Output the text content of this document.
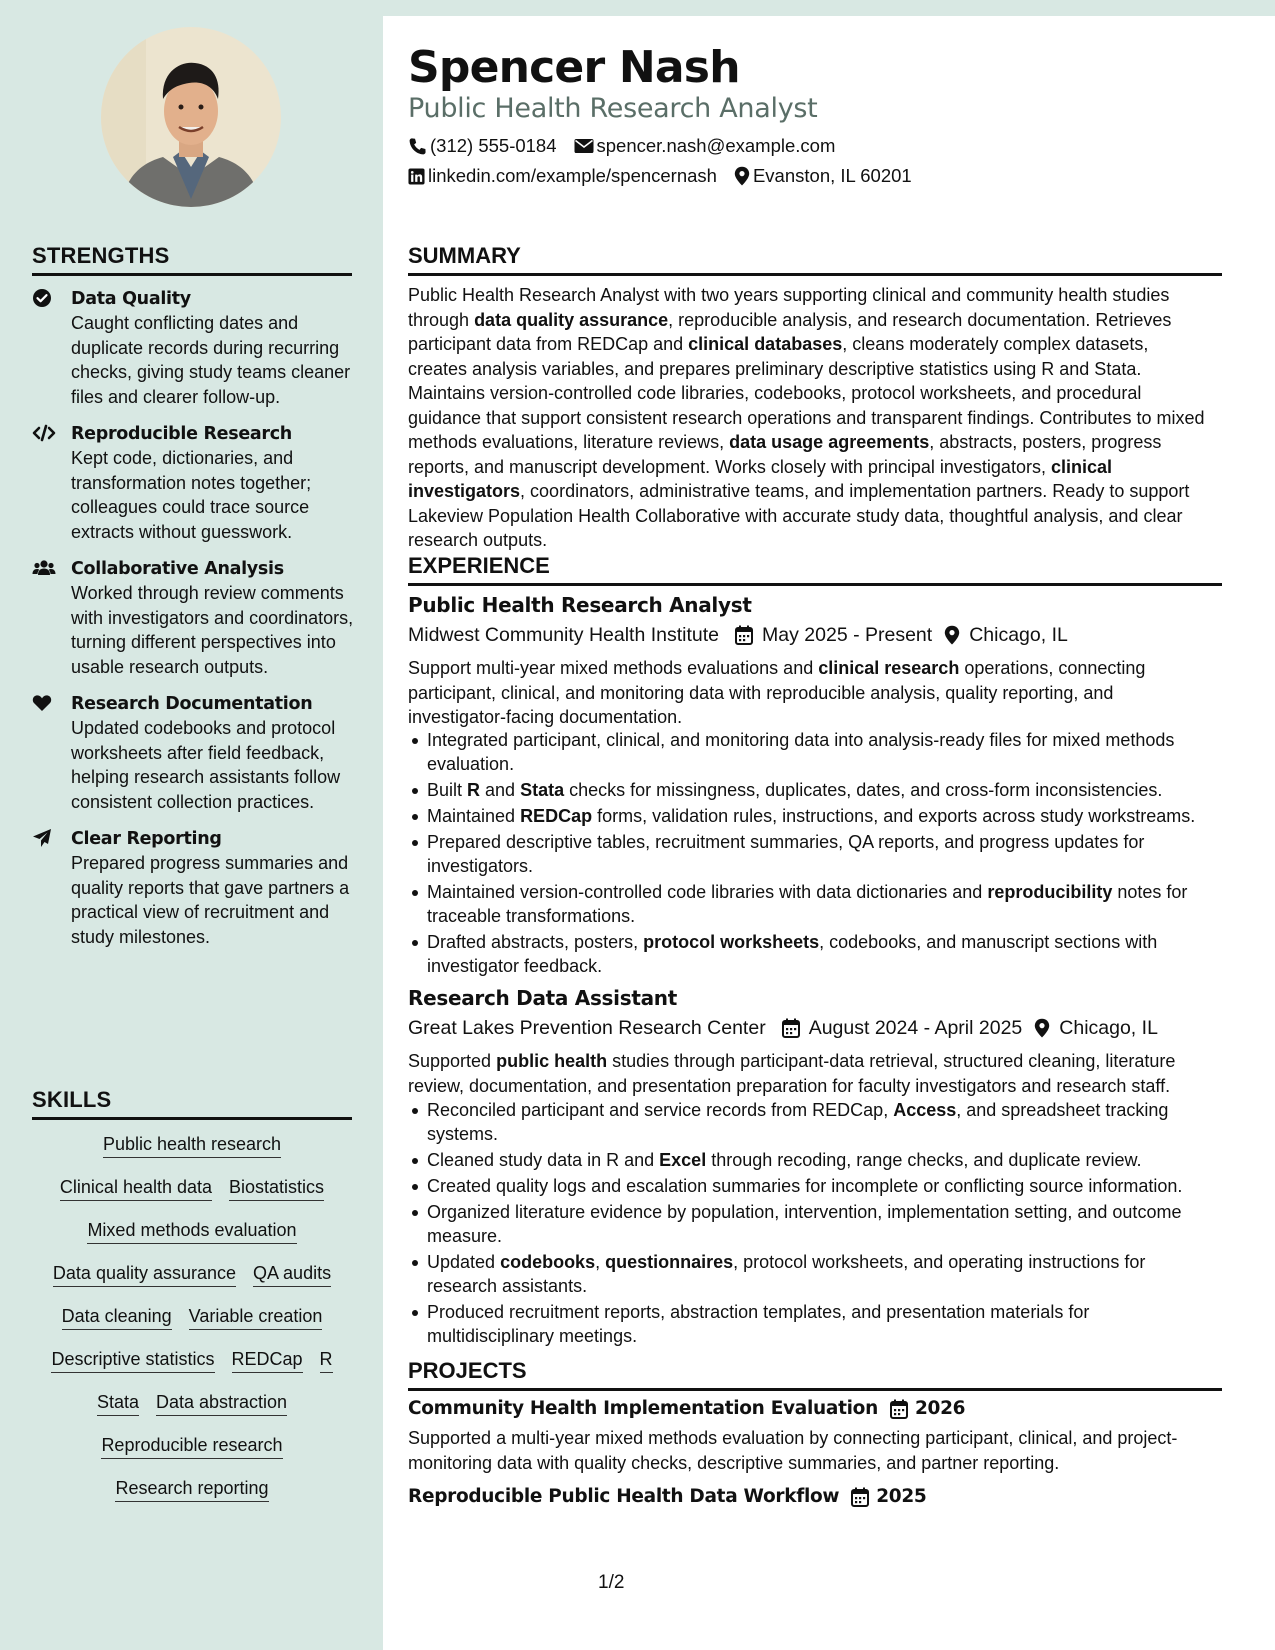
STRENGTHS
Data Quality
Caught conflicting dates and duplicate records during recurring checks, giving study teams cleaner files and clearer follow-up.
Reproducible Research
Kept code, dictionaries, and transformation notes together; colleagues could trace source extracts without guesswork.
Collaborative Analysis
Worked through review comments with investigators and coordinators, turning different perspectives into usable research outputs.
Research Documentation
Updated codebooks and protocol worksheets after field feedback, helping research assistants follow consistent collection practices.
Clear Reporting
Prepared progress summaries and quality reports that gave partners a practical view of recruitment and study milestones.
SKILLS
Public health research
Clinical health data Biostatistics
Mixed methods evaluation
Data quality assurance QA audits
Data cleaning Variable creation
Descriptive statistics REDCap R
Stata Data abstraction
Reproducible research
Research reporting
Spencer Nash
Public Health Research Analyst
(312) 555-0184 spencer.nash@example.com
linkedin.com/example/spencernash Evanston, IL 60201
SUMMARY

Public Health Research Analyst with two years supporting clinical and community health studies through data quality assurance, reproducible analysis, and research documentation. Retrieves participant data from REDCap and clinical databases, cleans moderately complex datasets, creates analysis variables, and prepares preliminary descriptive statistics using R and Stata. Maintains version-controlled code libraries, codebooks, protocol worksheets, and procedural guidance that support consistent research operations and transparent findings. Contributes to mixed methods evaluations, literature reviews, data usage agreements, abstracts, posters, progress reports, and manuscript development. Works closely with principal investigators, clinical investigators, coordinators, administrative teams, and implementation partners. Ready to support Lakeview Population Health Collaborative with accurate study data, thoughtful analysis, and clear research outputs.

EXPERIENCE
Public Health Research Analyst
Midwest Community Health Institute May 2025 - Present Chicago, IL

Support multi-year mixed methods evaluations and clinical research operations, connecting participant, clinical, and monitoring data with reproducible analysis, quality reporting, and investigator-facing documentation.

Integrated participant, clinical, and monitoring data into analysis-ready files for mixed methods evaluation.
Built R and Stata checks for missingness, duplicates, dates, and cross-form inconsistencies.
Maintained REDCap forms, validation rules, instructions, and exports across study workstreams.
Prepared descriptive tables, recruitment summaries, QA reports, and progress updates for investigators.
Maintained version-controlled code libraries with data dictionaries and reproducibility notes for traceable transformations.
Drafted abstracts, posters, protocol worksheets, codebooks, and manuscript sections with investigator feedback.
Research Data Assistant
Great Lakes Prevention Research Center August 2024 - April 2025 Chicago, IL

Supported public health studies through participant-data retrieval, structured cleaning, literature review, documentation, and presentation preparation for faculty investigators and research staff.

Reconciled participant and service records from REDCap, Access, and spreadsheet tracking systems.
Cleaned study data in R and Excel through recoding, range checks, and duplicate review.
Created quality logs and escalation summaries for incomplete or conflicting source information.
Organized literature evidence by population, intervention, implementation setting, and outcome measure.
Updated codebooks, questionnaires, protocol worksheets, and operating instructions for research assistants.
Produced recruitment reports, abstraction templates, and presentation materials for multidisciplinary meetings.
PROJECTS
Community Health Implementation Evaluation 2026

Supported a multi-year mixed methods evaluation by connecting participant, clinical, and project-monitoring data with quality checks, descriptive summaries, and partner reporting.

Reproducible Public Health Data Workflow 2025
1/2
